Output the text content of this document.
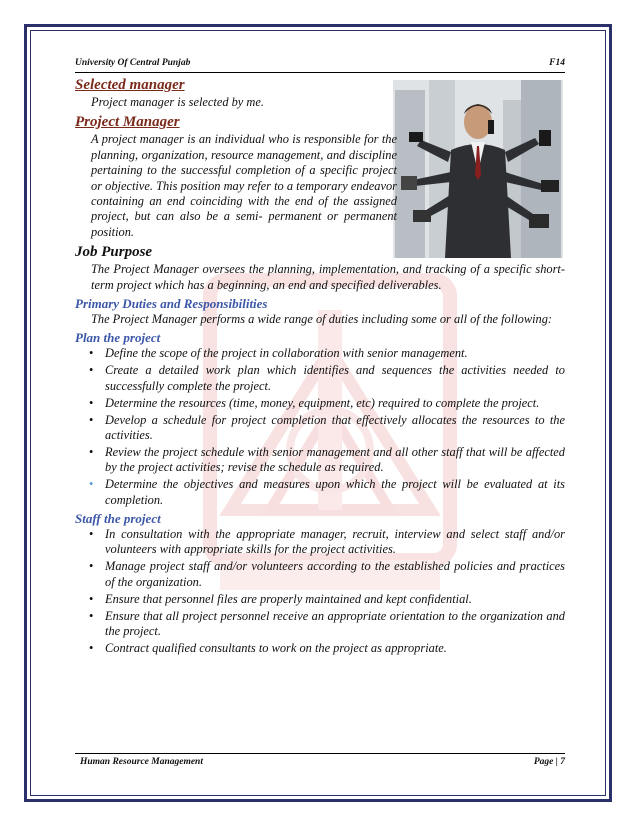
University Of Central Punjab	F14
Selected manager

Project manager is selected by me.

Project Manager

A project manager is an individual who is responsible for the planning, organization, resource management, and discipline pertaining to the successful completion of a specific project or objective. This position may refer to a temporary endeavor containing an end coinciding with the end of the assigned project, but can also be a semi- permanent or permanent position.

Job Purpose

The Project Manager oversees the planning, implementation, and tracking of a specific short-term project which has a beginning, an end and specified deliverables.

Primary Duties and Responsibilities

The Project Manager performs a wide range of duties including some or all of the following:

Plan the project
• Define the scope of the project in collaboration with senior management.
• Create a detailed work plan which identifies and sequences the activities needed to successfully complete the project.
• Determine the resources (time, money, equipment, etc) required to complete the project.
• Develop a schedule for project completion that effectively allocates the resources to the activities.
• Review the project schedule with senior management and all other staff that will be affected by the project activities; revise the schedule as required.
• Determine the objectives and measures upon which the project will be evaluated at its completion.
Staff the project
• In consultation with the appropriate manager, recruit, interview and select staff and/or volunteers with appropriate skills for the project activities.
• Manage project staff and/or volunteers according to the established policies and practices of the organization.
• Ensure that personnel files are properly maintained and kept confidential.
• Ensure that all project personnel receive an appropriate orientation to the organization and the project.
• Contract qualified consultants to work on the project as appropriate.
Human Resource Management	Page | 7
